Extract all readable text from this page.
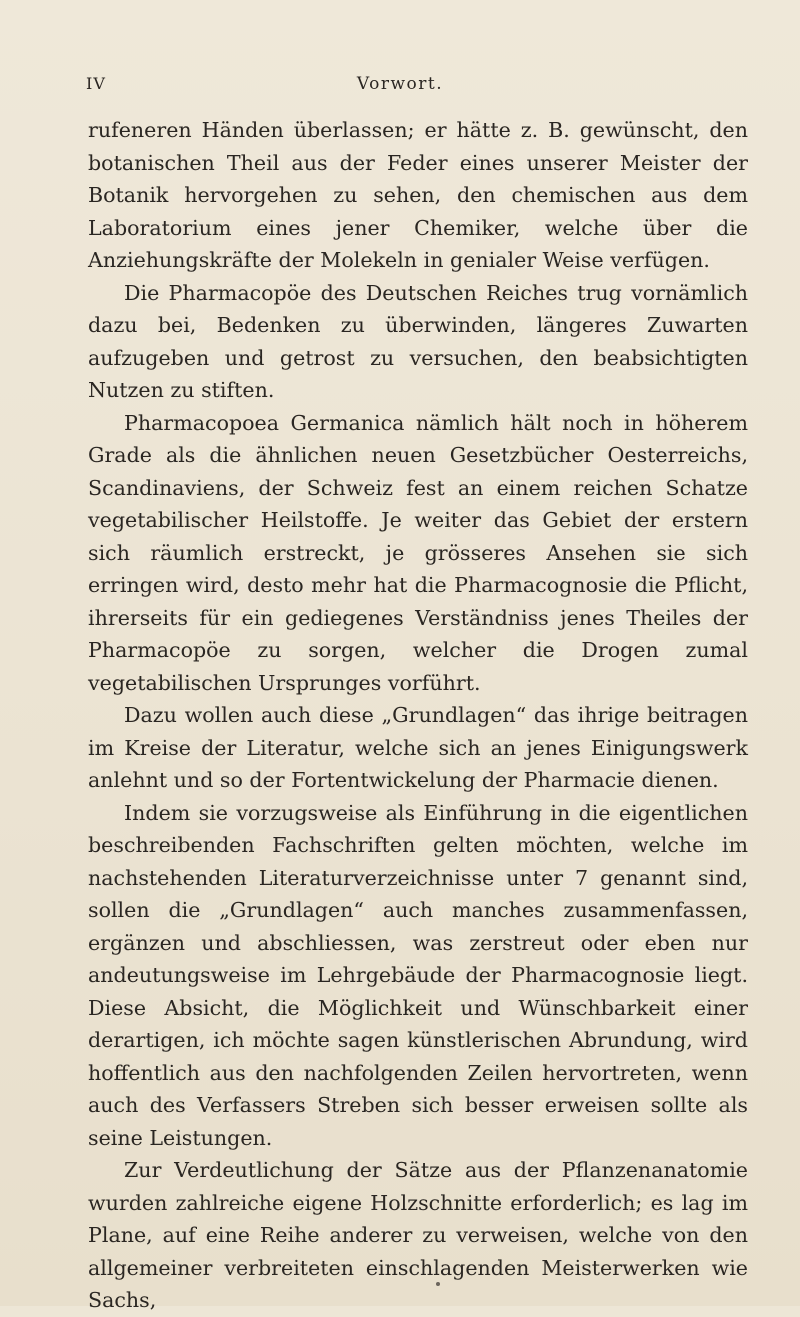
IV	Vorwort.

rufeneren Händen überlassen; er hätte z. B. gewünscht, den botanischen Theil aus der Feder eines unserer Meister der Botanik hervorgehen zu sehen, den chemischen aus dem Laboratorium eines jener Chemiker, welche über die Anziehungskräfte der Molekeln in genialer Weise verfügen.

Die Pharmacopöe des Deutschen Reiches trug vornämlich dazu bei, Bedenken zu überwinden, längeres Zuwarten aufzugeben und getrost zu versuchen, den beabsichtigten Nutzen zu stiften.

Pharmacopoea Germanica nämlich hält noch in höherem Grade als die ähnlichen neuen Gesetzbücher Oesterreichs, Scandinaviens, der Schweiz fest an einem reichen Schatze vegetabilischer Heilstoffe. Je weiter das Gebiet der erstern sich räumlich erstreckt, je grösseres Ansehen sie sich erringen wird, desto mehr hat die Pharmacognosie die Pflicht, ihrerseits für ein gediegenes Verständniss jenes Theiles der Pharmacopöe zu sorgen, welcher die Drogen zumal vegetabilischen Ursprunges vorführt.

Dazu wollen auch diese „Grundlagen“ das ihrige beitragen im Kreise der Literatur, welche sich an jenes Einigungswerk anlehnt und so der Fortentwickelung der Pharmacie dienen.

Indem sie vorzugsweise als Einführung in die eigentlichen beschreibenden Fachschriften gelten möchten, welche im nachstehenden Literaturverzeichnisse unter 7 genannt sind, sollen die „Grundlagen“ auch manches zusammenfassen, ergänzen und abschliessen, was zerstreut oder eben nur andeutungsweise im Lehrgebäude der Pharmacognosie liegt. Diese Absicht, die Möglichkeit und Wünschbarkeit einer derartigen, ich möchte sagen künstlerischen Abrundung, wird hoffentlich aus den nachfolgenden Zeilen hervortreten, wenn auch des Verfassers Streben sich besser erweisen sollte als seine Leistungen.

Zur Verdeutlichung der Sätze aus der Pflanzenanatomie wurden zahlreiche eigene Holzschnitte erforderlich; es lag im Plane, auf eine Reihe anderer zu verweisen, welche von den allgemeiner verbreiteten einschlagenden Meisterwerken wie Sachs,
